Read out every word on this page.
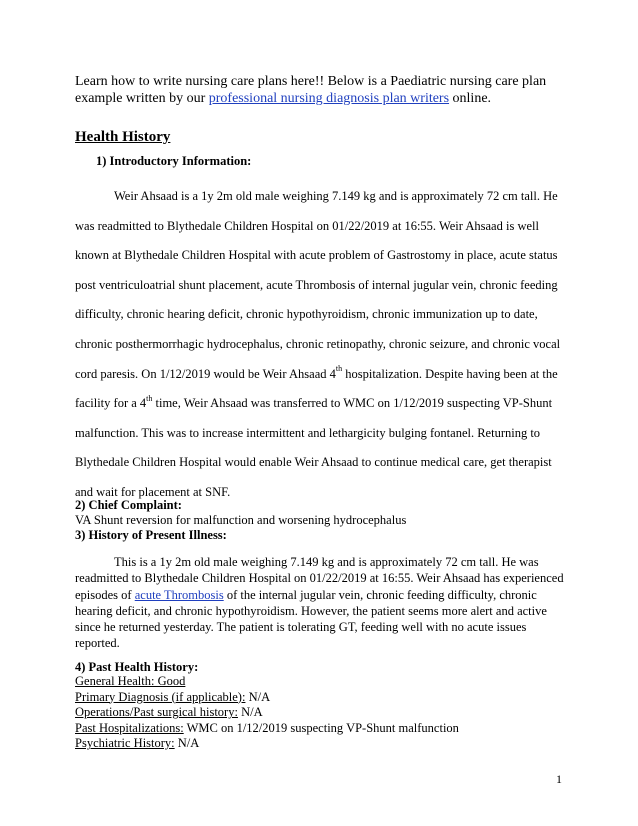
Learn how to write nursing care plans here!! Below is a Paediatric nursing care plan example written by our professional nursing diagnosis plan writers online.

Health History
1) Introductory Information:

Weir Ahsaad is a 1y 2m old male weighing 7.149 kg and is approximately 72 cm tall. He was readmitted to Blythedale Children Hospital on 01/22/2019 at 16:55. Weir Ahsaad is well known at Blythedale Children Hospital with acute problem of Gastrostomy in place, acute status post ventriculoatrial shunt placement, acute Thrombosis of internal jugular vein, chronic feeding difficulty, chronic hearing deficit, chronic hypothyroidism, chronic immunization up to date, chronic posthermorrhagic hydrocephalus, chronic retinopathy, chronic seizure, and chronic vocal cord paresis. On 1/12/2019 would be Weir Ahsaad 4th hospitalization. Despite having been at the facility for a 4th time, Weir Ahsaad was transferred to WMC on 1/12/2019 suspecting VP-Shunt malfunction. This was to increase intermittent and lethargicity bulging fontanel. Returning to Blythedale Children Hospital would enable Weir Ahsaad to continue medical care, get therapist and wait for placement at SNF.

2) Chief Complaint:
VA Shunt reversion for malfunction and worsening hydrocephalus
3) History of Present Illness:

This is a 1y 2m old male weighing 7.149 kg and is approximately 72 cm tall. He was readmitted to Blythedale Children Hospital on 01/22/2019 at 16:55. Weir Ahsaad has experienced episodes of acute Thrombosis of the internal jugular vein, chronic feeding difficulty, chronic hearing deficit, and chronic hypothyroidism. However, the patient seems more alert and active since he returned yesterday. The patient is tolerating GT, feeding well with no acute issues reported.

4) Past Health History:
General Health: Good
Primary Diagnosis (if applicable): N/A
Operations/Past surgical history: N/A
Past Hospitalizations: WMC on 1/12/2019 suspecting VP-Shunt malfunction
Psychiatric History: N/A
1
